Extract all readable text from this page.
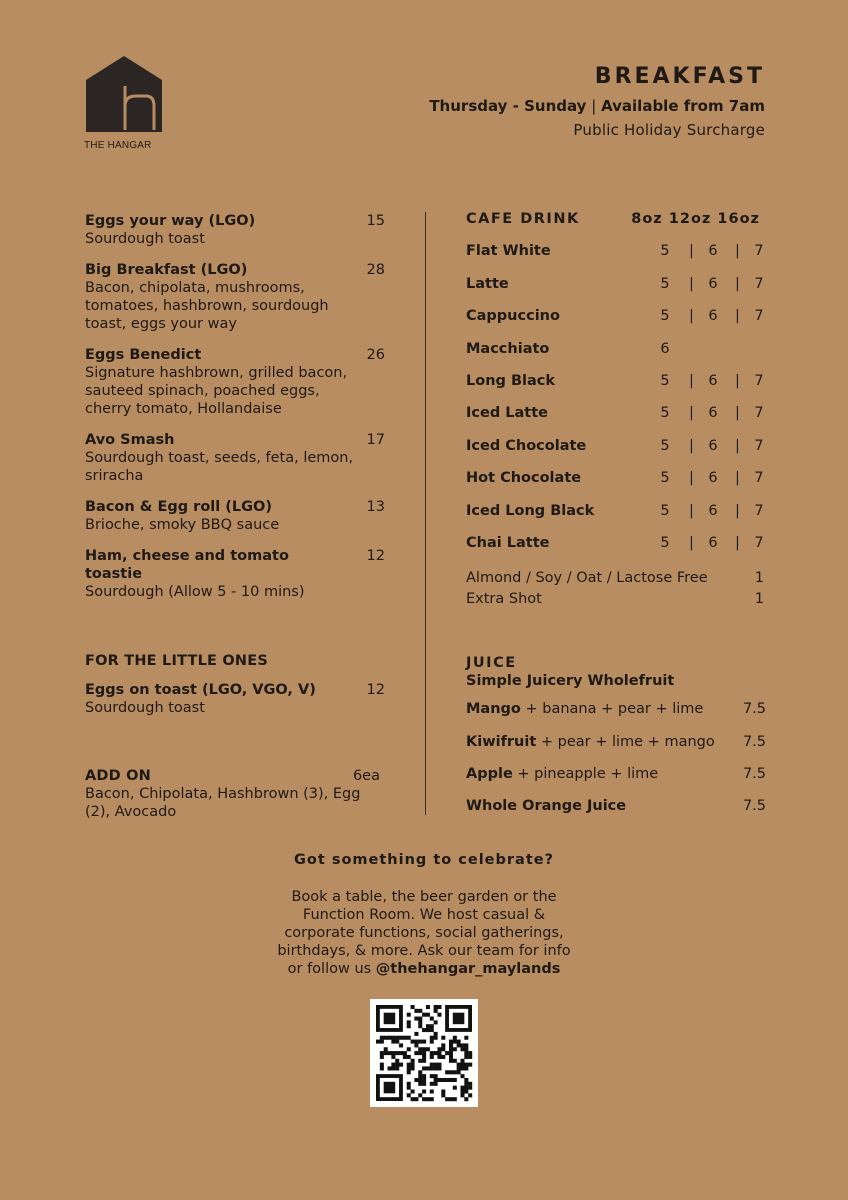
THE HANGAR
BREAKFAST
Thursday - Sunday | Available from 7am
Public Holiday Surcharge
Eggs your way (LGO)
Sourdough toast
15
Big Breakfast (LGO)
Bacon, chipolata, mushrooms, tomatoes, hashbrown, sourdough toast, eggs your way
28
Eggs Benedict
Signature hashbrown, grilled bacon, sauteed spinach, poached eggs, cherry tomato, Hollandaise
26
Avo Smash
Sourdough toast, seeds, feta, lemon, sriracha
17
Bacon & Egg roll (LGO)
Brioche, smoky BBQ sauce
13
Ham, cheese and tomato toastie
Sourdough (Allow 5 - 10 mins)
12
FOR THE LITTLE ONES
Eggs on toast (LGO, VGO, V)
Sourdough toast
12
ADD ON
Bacon, Chipolata, Hashbrown (3), Egg (2), Avocado
6ea
CAFE DRINK	8oz 12oz 16oz
Flat White	5	6	7
|	|
Latte	5	6	7
|	|
Cappuccino	5	6	7
|	|
Macchiato	6
Long Black	5	6	7
|	|
Iced Latte	5	6	7
|	|
Iced Chocolate	5	6	7
|	|
Hot Chocolate	5	6	7
|	|
Iced Long Black	5	6	7
|	|
Chai Latte	5	6	7
|	|
Almond / Soy / Oat / Lactose Free	1
Extra Shot	1
JUICE
Simple Juicery Wholefruit
Mango + banana + pear + lime	7.5
Kiwifruit + pear + lime + mango 7.5
Apple + pineapple + lime	7.5
Whole Orange Juice	7.5
Got something to celebrate?
Book a table, the beer garden or the Function Room. We host casual & corporate functions, social gatherings, birthdays, & more. Ask our team for info or follow us @thehangar_maylands
